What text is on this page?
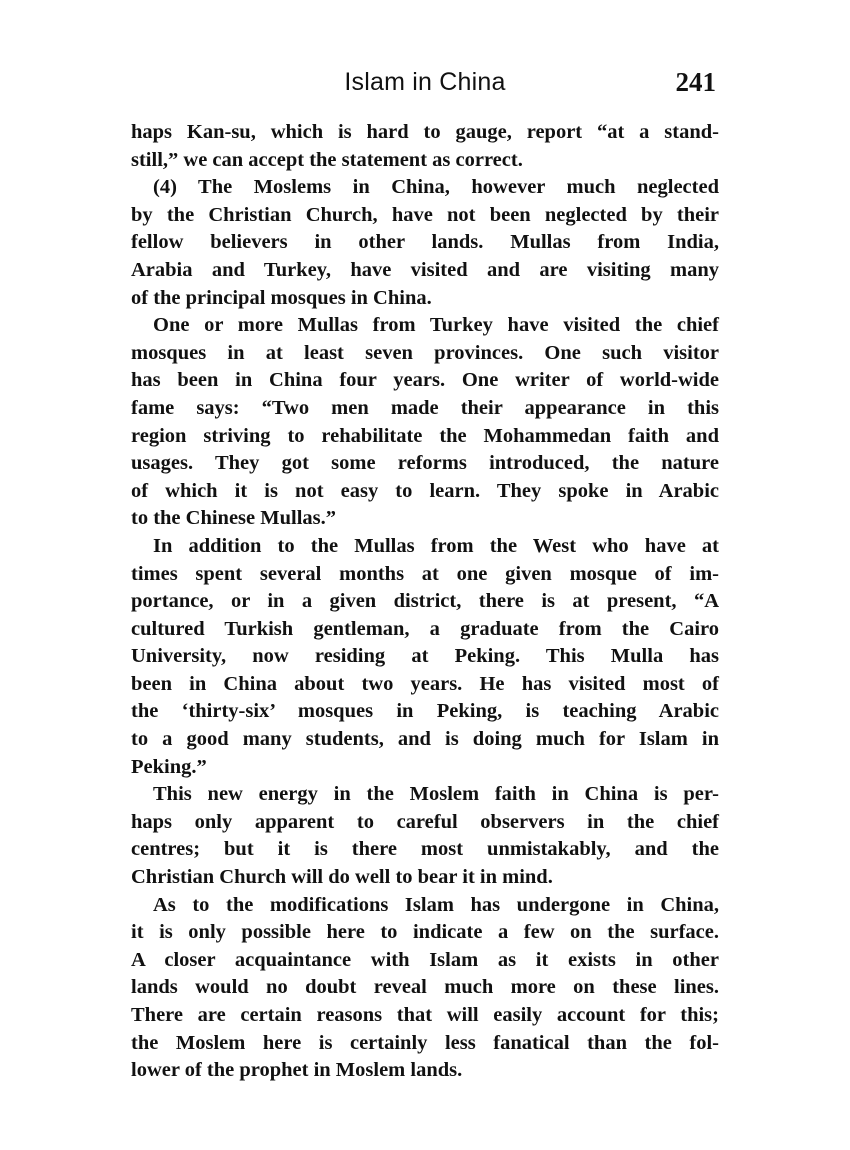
Islam in China	241
haps Kan-su, which is hard to gauge, report “at a stand-
still,” we can accept the statement as correct.
(4) The Moslems in China, however much neglected
by the Christian Church, have not been neglected by their
fellow believers in other lands. Mullas from India,
Arabia and Turkey, have visited and are visiting many
of the principal mosques in China.
One or more Mullas from Turkey have visited the chief
mosques in at least seven provinces. One such visitor
has been in China four years. One writer of world-wide
fame says: “Two men made their appearance in this
region striving to rehabilitate the Mohammedan faith and
usages. They got some reforms introduced, the nature
of which it is not easy to learn. They spoke in Arabic
to the Chinese Mullas.”
In addition to the Mullas from the West who have at
times spent several months at one given mosque of im-
portance, or in a given district, there is at present, “A
cultured Turkish gentleman, a graduate from the Cairo
University, now residing at Peking. This Mulla has
been in China about two years. He has visited most of
the ‘thirty-six’ mosques in Peking, is teaching Arabic
to a good many students, and is doing much for Islam in
Peking.”
This new energy in the Moslem faith in China is per-
haps only apparent to careful observers in the chief
centres; but it is there most unmistakably, and the
Christian Church will do well to bear it in mind.
As to the modifications Islam has undergone in China,
it is only possible here to indicate a few on the surface.
A closer acquaintance with Islam as it exists in other
lands would no doubt reveal much more on these lines.
There are certain reasons that will easily account for this;
the Moslem here is certainly less fanatical than the fol-
lower of the prophet in Moslem lands.
